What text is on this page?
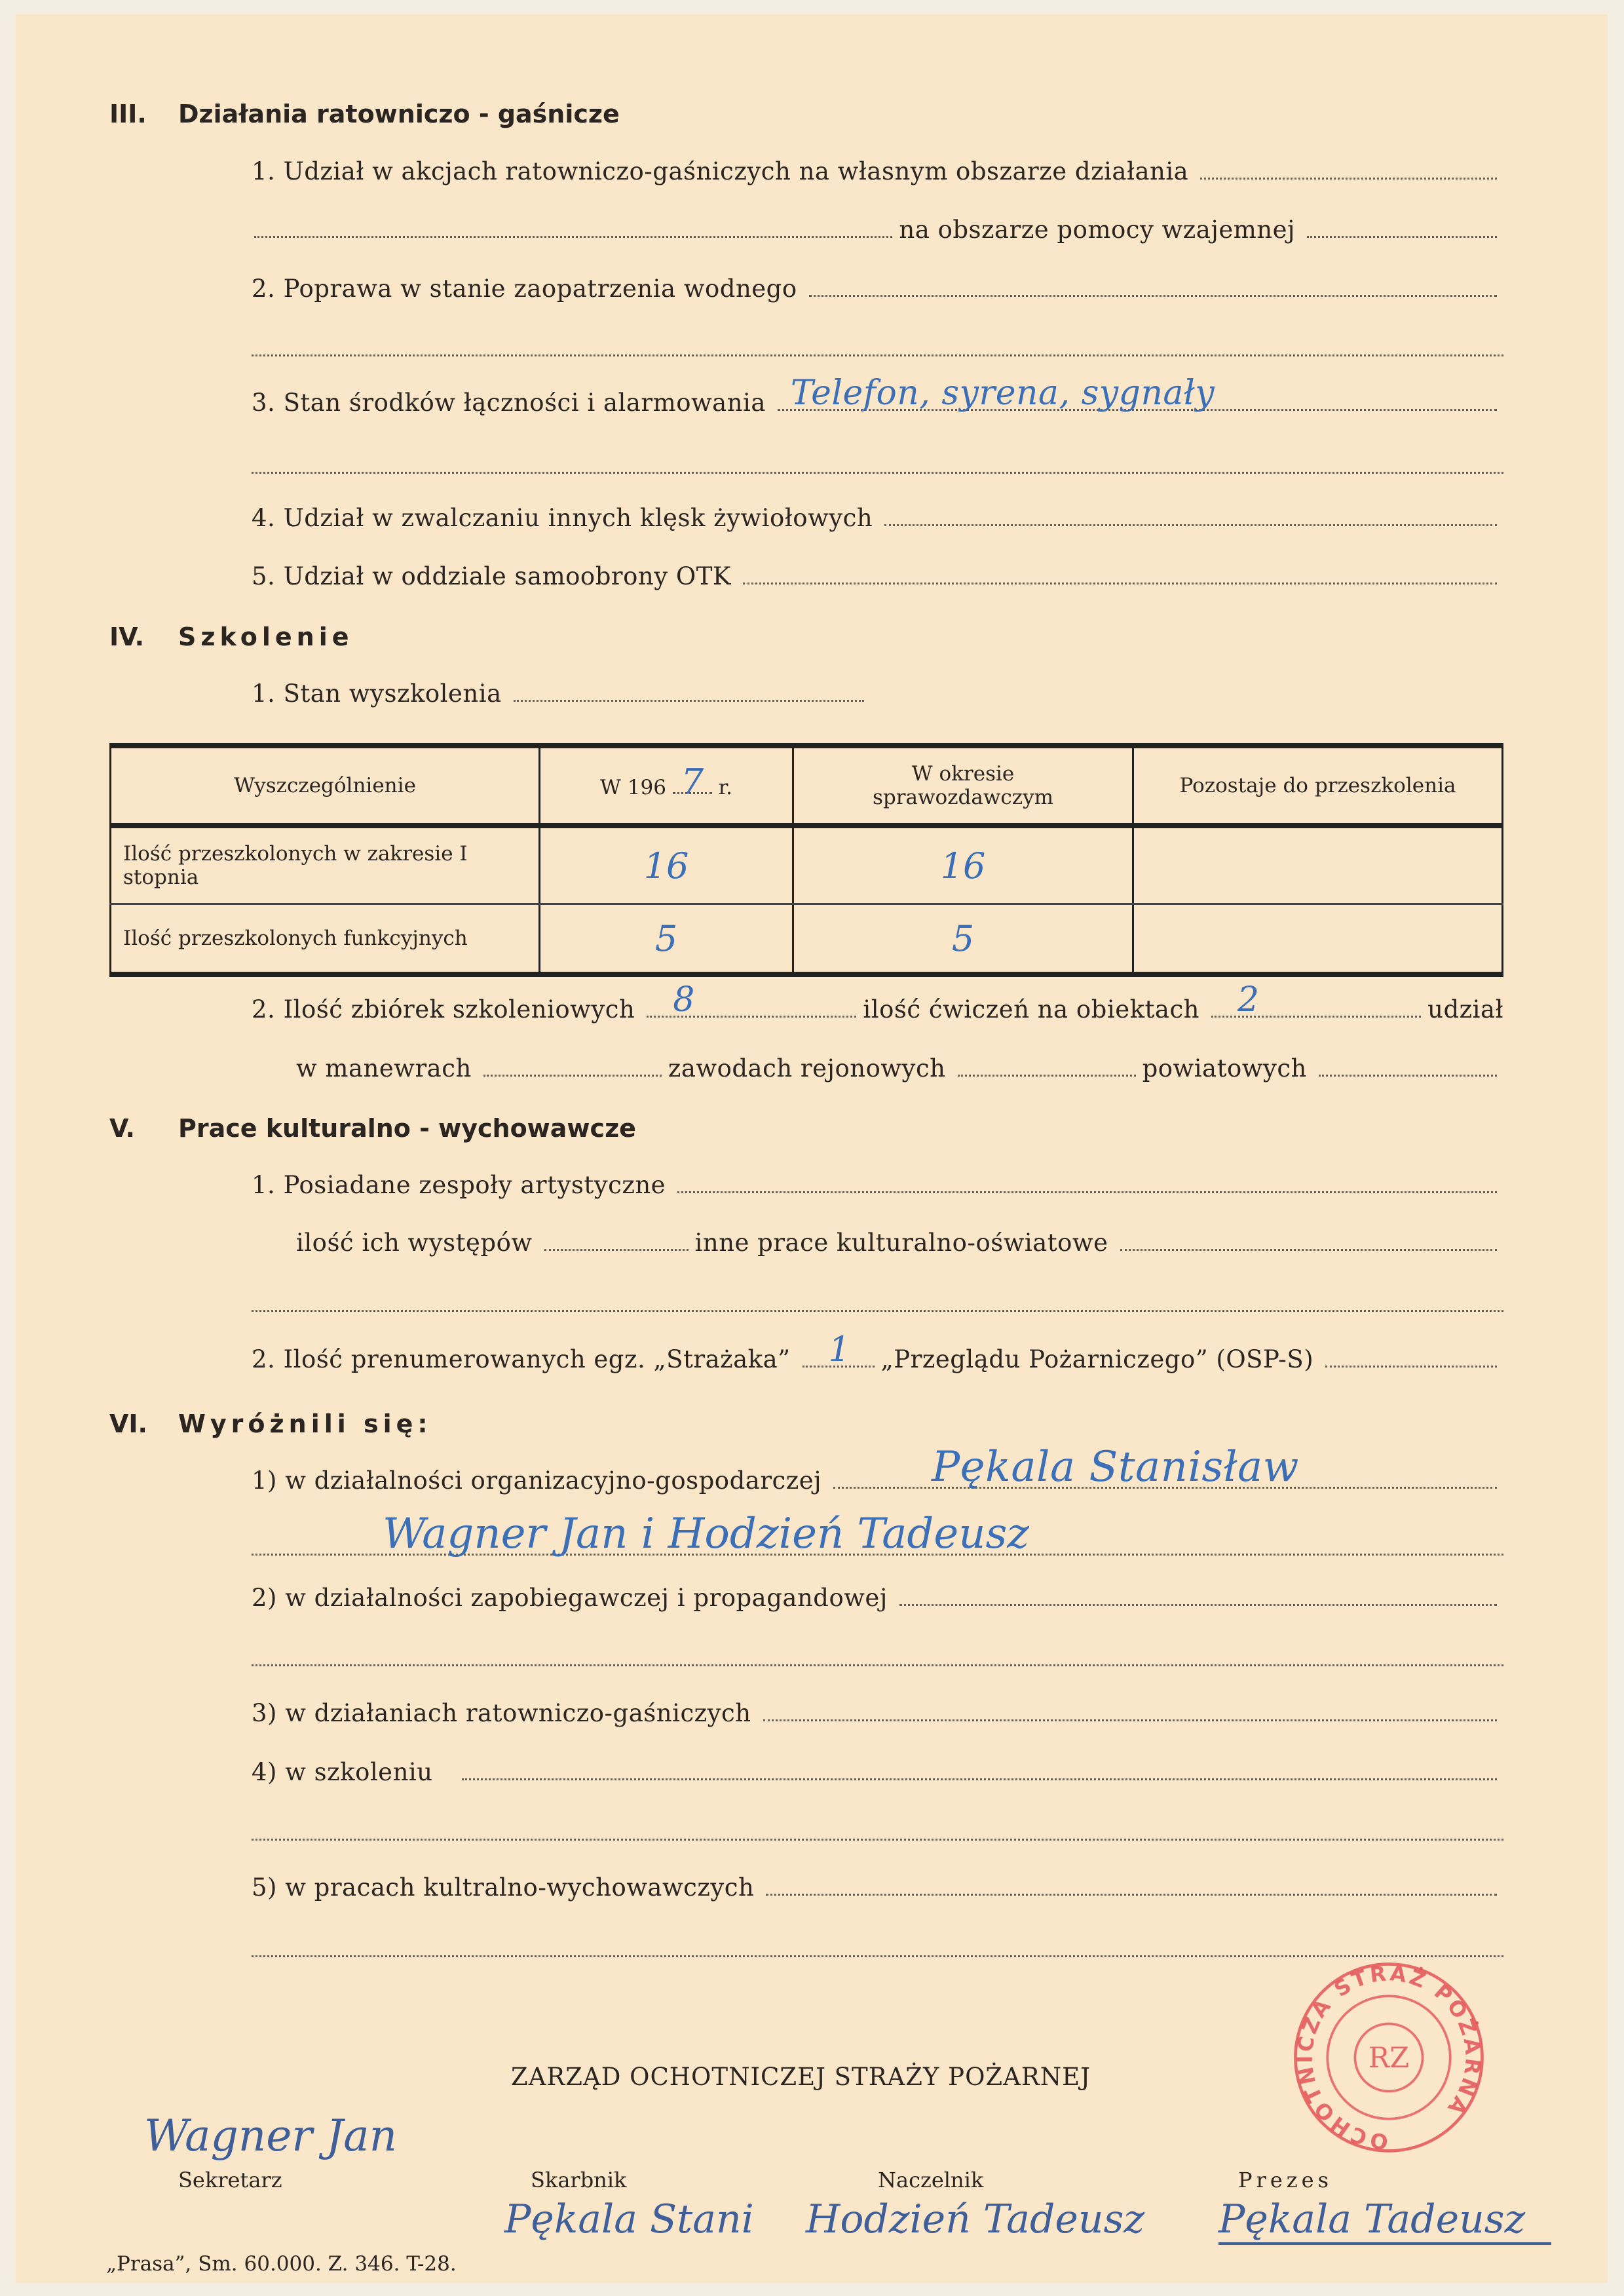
III.	Działania ratowniczo - gaśnicze
1. Udział w akcjach ratowniczo-gaśniczych na własnym obszarze działania
na obszarze pomocy wzajemnej
2. Poprawa w stanie zaopatrzenia wodnego
3. Stan środków łączności i alarmowania Telefon, syrena, sygnały
4. Udział w zwalczaniu innych klęsk żywiołowych
5. Udział w oddziale samoobrony OTK
IV.	Szkolenie
1. Stan wyszkolenia
Wyszczególnienie	W 196 7 r.	W okresie sprawozdawczym	Pozostaje do przeszkolenia
Ilość przeszkolonych w zakresie I stopnia	16	16	
Ilość przeszkolonych funkcyjnych	5	5	
2. Ilość zbiórek szkoleniowych 8	ilość ćwiczeń na obiektach 2	udział
w manewrach	zawodach rejonowych	powiatowych
V.	Prace kulturalno - wychowawcze
1. Posiadane zespoły artystyczne
ilość ich występów	inne prace kulturalno-oświatowe
2. Ilość prenumerowanych egz. „Strażaka” 1 „Przeglądu Pożarniczego” (OSP-S)
VI.	Wyróżnili się:
1) w działalności organizacyjno-gospodarczej	Pękala Stanisław
Wagner Jan i Hodzień Tadeusz
2) w działalności zapobiegawczej i propagandowej
3) w działaniach ratowniczo-gaśniczych
4) w szkoleniu
5) w pracach kultralno-wychowawczych
ZARZĄD OCHOTNICZEJ STRAŻY POŻARNEJ
OCHOTNICZA STRAŻ POŻARNA
RZ
Wagner Jan
Sekretarz	Skarbnik	Naczelnik	Prezes
Pękala Stani Hodzień Tadeusz Pękala Tadeusz
„Prasa”, Sm. 60.000. Z. 346. T-28.
